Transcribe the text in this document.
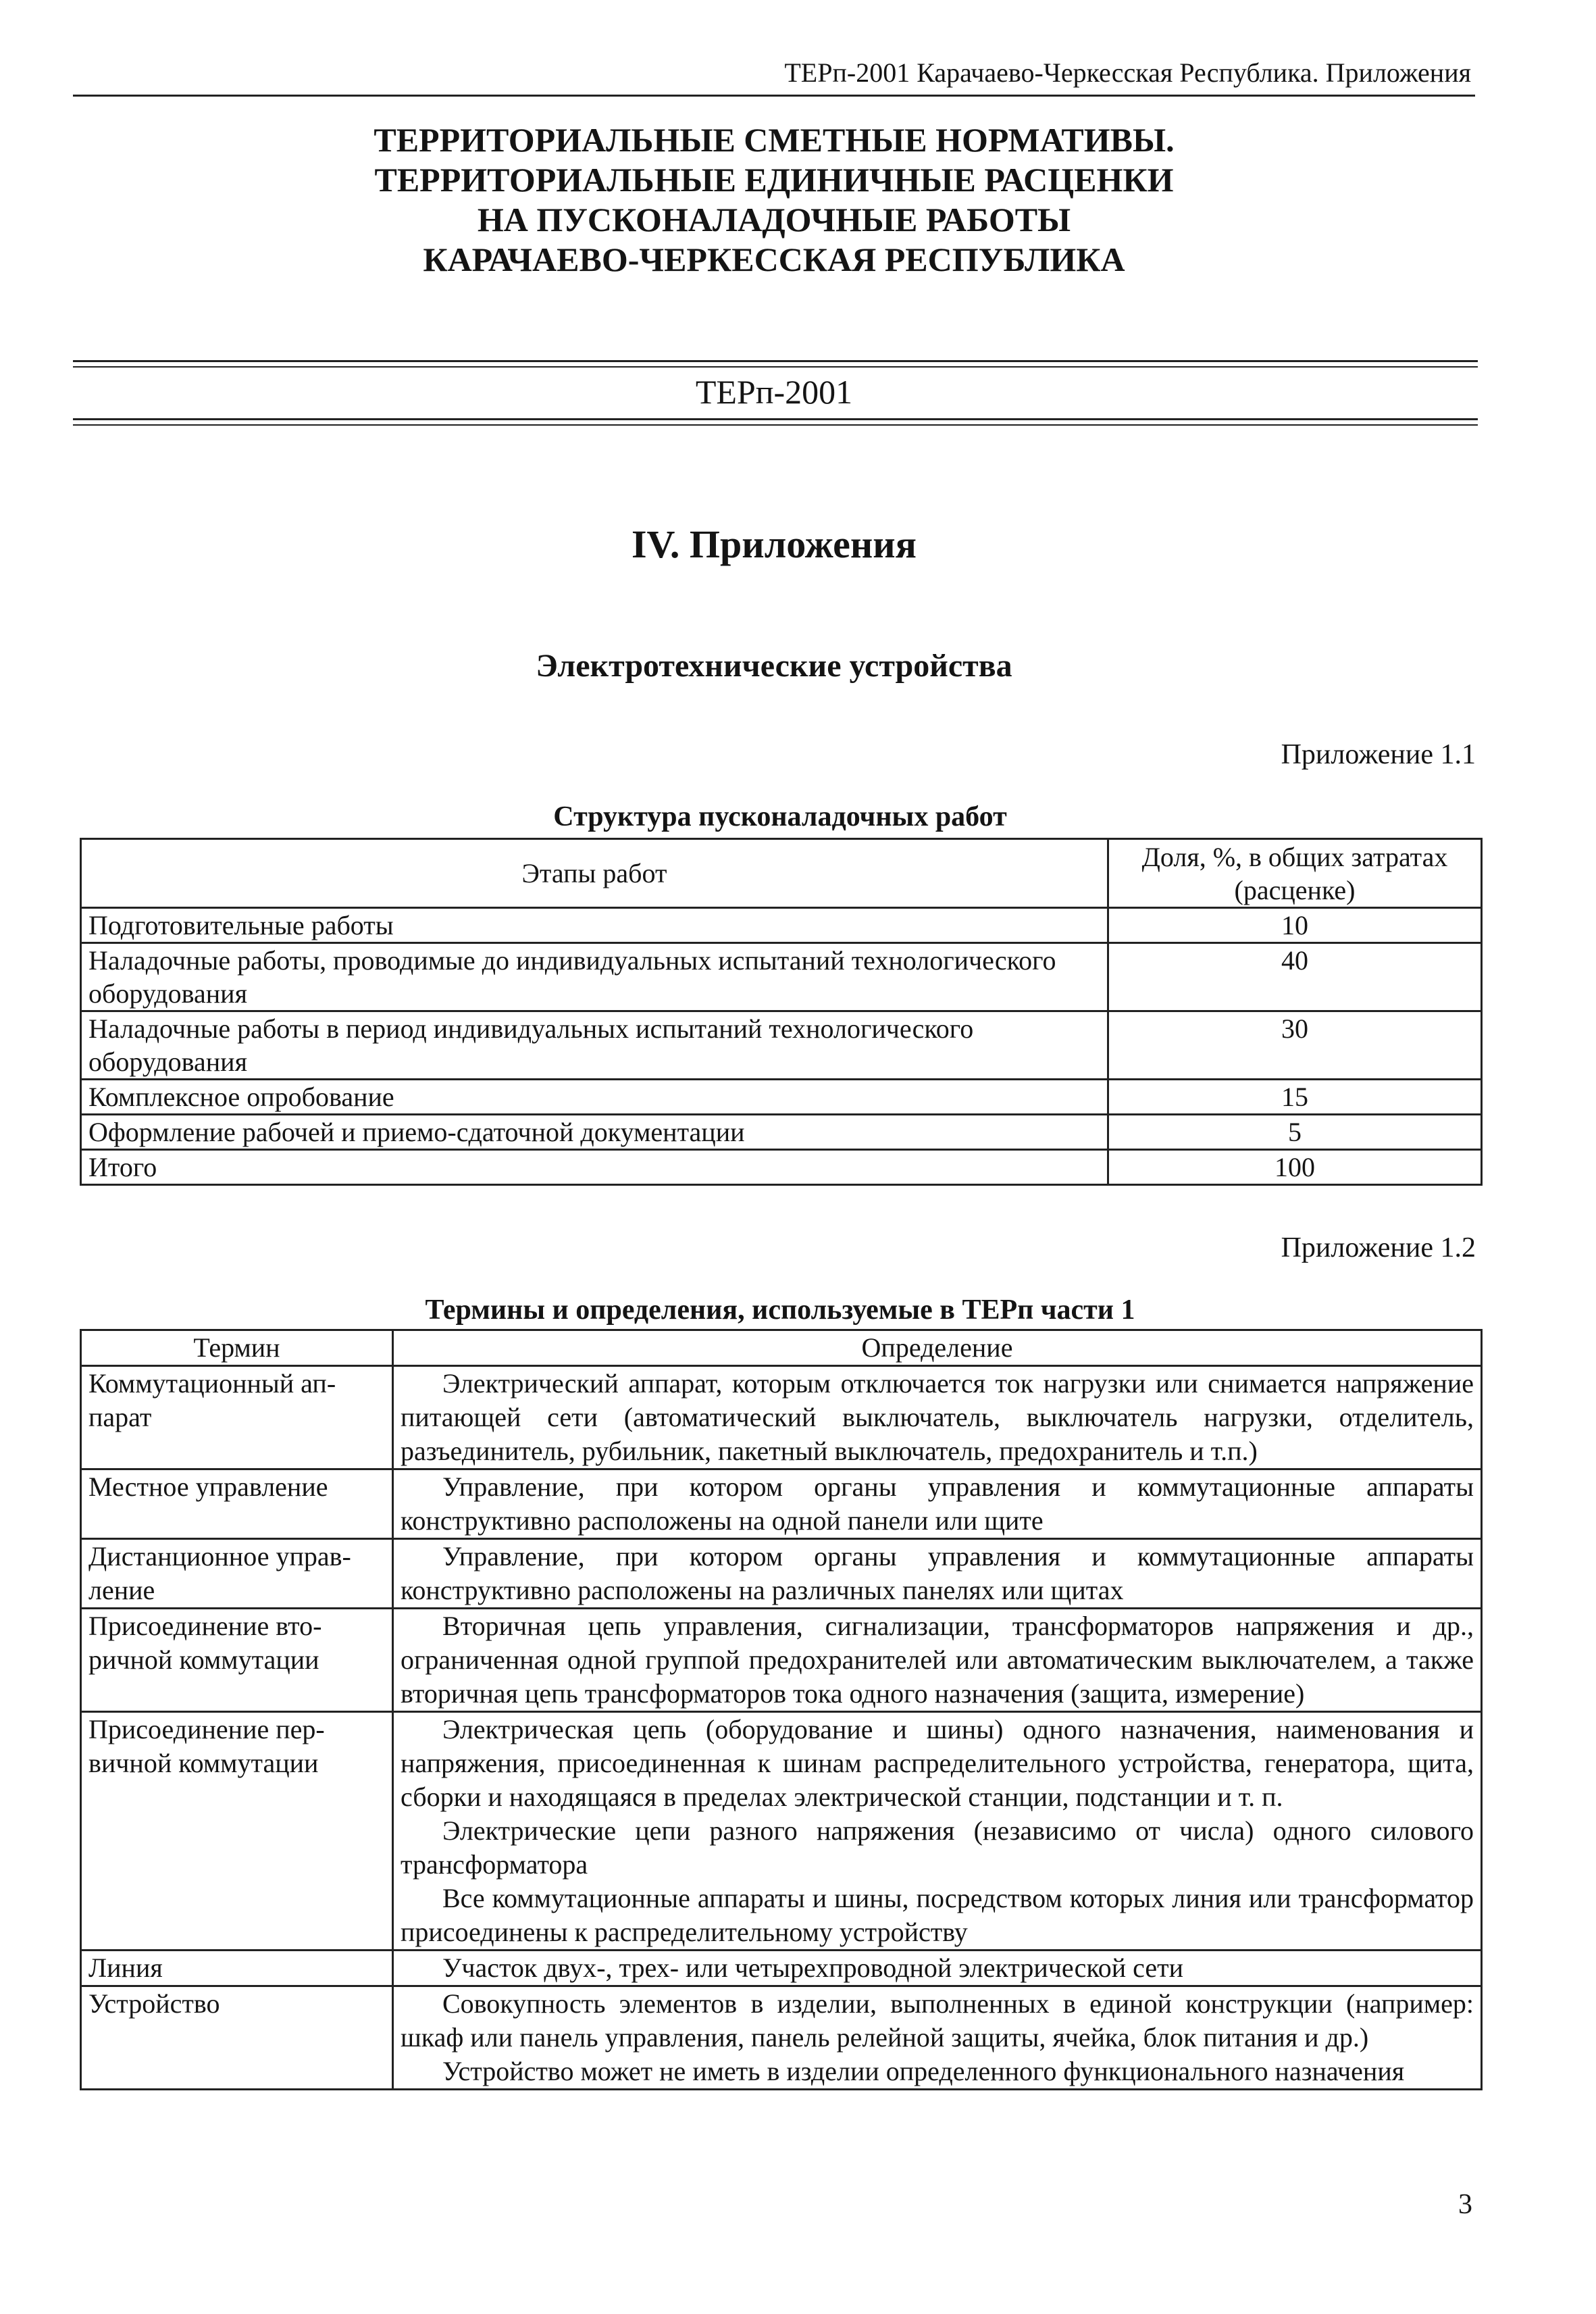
ТЕРп-2001 Карачаево-Черкесская Республика. Приложения
ТЕРРИТОРИАЛЬНЫЕ СМЕТНЫЕ НОРМАТИВЫ.
ТЕРРИТОРИАЛЬНЫЕ ЕДИНИЧНЫЕ РАСЦЕНКИ
НА ПУСКОНАЛАДОЧНЫЕ РАБОТЫ
КАРАЧАЕВО-ЧЕРКЕССКАЯ РЕСПУБЛИКА
ТЕРп-2001
IV. Приложения
Электротехнические устройства
Приложение 1.1
Структура пусконаладочных работ
Этапы работ	Доля, %, в общих затратах (расценке)
Подготовительные работы	10
Наладочные работы, проводимые до индивидуальных испытаний технологического оборудования	40
Наладочные работы в период индивидуальных испытаний технологического оборудования	30
Комплексное опробование	15
Оформление рабочей и приемо-сдаточной документации	5
Итого	100
Приложение 1.2
Термины и определения, используемые в ТЕРп части 1
Термин	Определение
Коммутационный ап-парат	Электрический аппарат, которым отключается ток нагрузки или снимается напряжение питающей сети (автоматический выключатель, выключатель нагрузки, отделитель, разъединитель, рубильник, пакетный выключатель, предохранитель и т.п.)

Местное управление	Управление, при котором органы управления и коммутационные аппараты конструктивно расположены на одной панели или щите

Дистанционное управ-ление	Управление, при котором органы управления и коммутационные аппараты конструктивно расположены на различных панелях или щитах

Присоединение вто-ричной коммутации	Вторичная цепь управления, сигнализации, трансформаторов напряжения и др., ограниченная одной группой предохранителей или автоматическим выключателем, а также вторичная цепь трансформаторов тока одного назначения (защита, измерение)

Присоединение пер-вичной коммутации	Электрическая цепь (оборудование и шины) одного назначения, наименования и напряжения, присоединенная к шинам распределительного устройства, генератора, щита, сборки и находящаяся в пределах электрической станции, подстанции и т. п.

Электрические цепи разного напряжения (независимо от числа) одного силового трансформатора

Все коммутационные аппараты и шины, посредством которых линия или трансформатор присоединены к распределительному устройству

Линия	Участок двух-, трех- или четырехпроводной электрической сети

Устройство	Совокупность элементов в изделии, выполненных в единой конструкции (например: шкаф или панель управления, панель релейной защиты, ячейка, блок питания и др.)

Устройство может не иметь в изделии определенного функционального назначения

3
